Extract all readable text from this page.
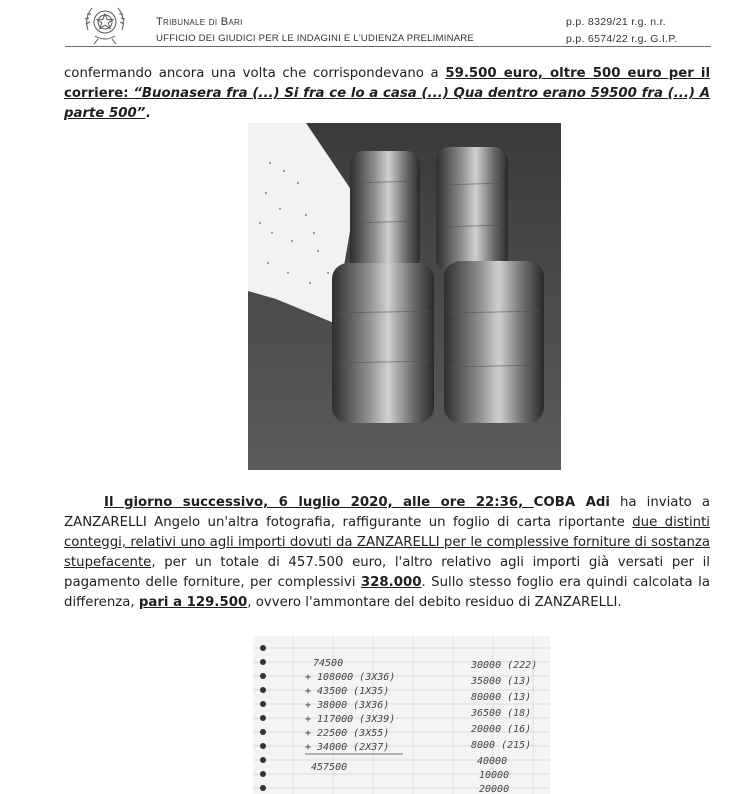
Tribunale di Bari
UFFICIO DEI GIUDICI PER LE INDAGINI E L'UDIENZA PRELIMINARE
p.p. 8329/21 r.g. n.r.
p.p. 6574/22 r.g. G.I.P.
confermando ancora una volta che corrispondevano a 59.500 euro, oltre 500 euro per il corriere: “Buonasera fra (...) Si fra ce lo a casa (...) Qua dentro erano 59500 fra (...) A parte 500”.
Il giorno successivo, 6 luglio 2020, alle ore 22:36, COBA Adi ha inviato a ZANZARELLI Angelo un'altra fotografia, raffigurante un foglio di carta riportante due distinti conteggi, relativi uno agli importi dovuti da ZANZARELLI per le complessive forniture di sostanza stupefacente, per un totale di 457.500 euro, l'altro relativo agli importi già versati per il pagamento delle forniture, per complessivi 328.000. Sullo stesso foglio era quindi calcolata la differenza, pari a 129.500, ovvero l'ammontare del debito residuo di ZANZARELLI.
74500
+ 108000 (3X36)
+ 43500 (1X35)
+ 38000 (3X36)
+ 117000 (3X39)
+ 22500 (3X55)
+ 34000 (2X37)
457500
30000 (222)
35000 (13)
80000 (13)
36500 (18)
20000 (16)
8000 (215)
40000
10000
20000
